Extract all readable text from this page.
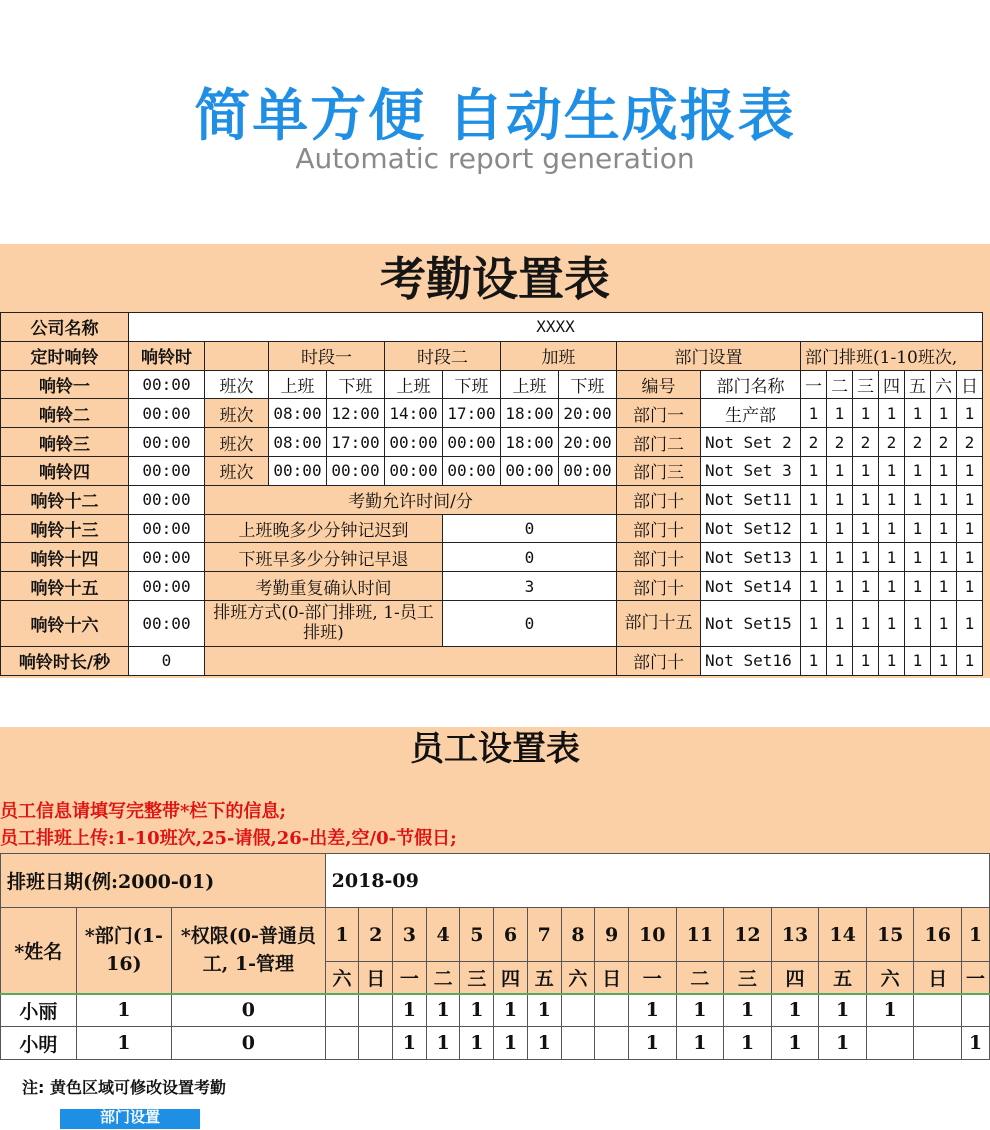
简单方便 自动生成报表
Automatic report generation
考勤设置表
公司名称	XXXX																
定时响铃	响铃时		时段一		时段二		加班		部门设置		部门排班(1-10班次,						
响铃一	00:00	班次	上班	下班	上班	下班	上班	下班	编号	部门名称	一	二	三	四	五	六	日
响铃二	00:00	班次	08:00	12:00	14:00	17:00	18:00	20:00	部门一	生产部	1	1	1	1	1	1	1
响铃三	00:00	班次	08:00	17:00	00:00	00:00	18:00	20:00	部门二	Not Set 2	2	2	2	2	2	2	2
响铃四	00:00	班次	00:00	00:00	00:00	00:00	00:00	00:00	部门三	Not Set 3	1	1	1	1	1	1	1
响铃十二	00:00	考勤允许时间/分							部门十	Not Set11	1	1	1	1	1	1	1
响铃十三	00:00	上班晚多少分钟记迟到				0			部门十	Not Set12	1	1	1	1	1	1	1
响铃十四	00:00	下班早多少分钟记早退				0			部门十	Not Set13	1	1	1	1	1	1	1
响铃十五	00:00	考勤重复确认时间				3			部门十	Not Set14	1	1	1	1	1	1	1
响铃十六	00:00	排班方式(0-部门排班, 1-员工排班)				0			部门十五	Not Set15	1	1	1	1	1	1	1
响铃时长/秒	0								部门十	Not Set16	1	1	1	1	1	1	1
员工设置表
员工信息请填写完整带*栏下的信息;
员工排班上传:1-10班次,25-请假,26-出差,空/0-节假日;
排班日期(例:2000-01)			2018-09																
*姓名	*部门(1-16)	*权限(0-普通员工, 1-管理	1	2	3	4	5	6	7	8	9	10	11	12	13	14	15	16	1
			六	日	一	二	三	四	五	六	日	一	二	三	四	五	六	日	一
小丽	1	0			1	1	1	1	1			1	1	1	1	1	1		
小明	1	0			1	1	1	1	1			1	1	1	1	1			1
注: 黄色区域可修改设置考勤
部门设置
